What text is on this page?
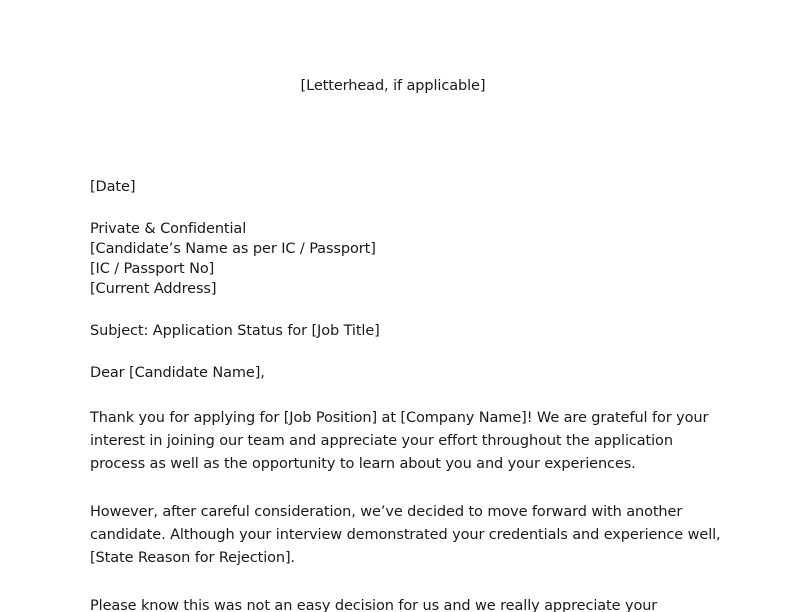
[Letterhead, if applicable]
[Date]
Private & Confidential
[Candidate’s Name as per IC / Passport]
[IC / Passport No]
[Current Address]
Subject: Application Status for [Job Title]
Dear [Candidate Name],
Thank you for applying for [Job Position] at [Company Name]! We are grateful for your
interest in joining our team and appreciate your effort throughout the application
process as well as the opportunity to learn about you and your experiences.
However, after careful consideration, we’ve decided to move forward with another
candidate. Although your interview demonstrated your credentials and experience well,
[State Reason for Rejection].
Please know this was not an easy decision for us and we really appreciate your
